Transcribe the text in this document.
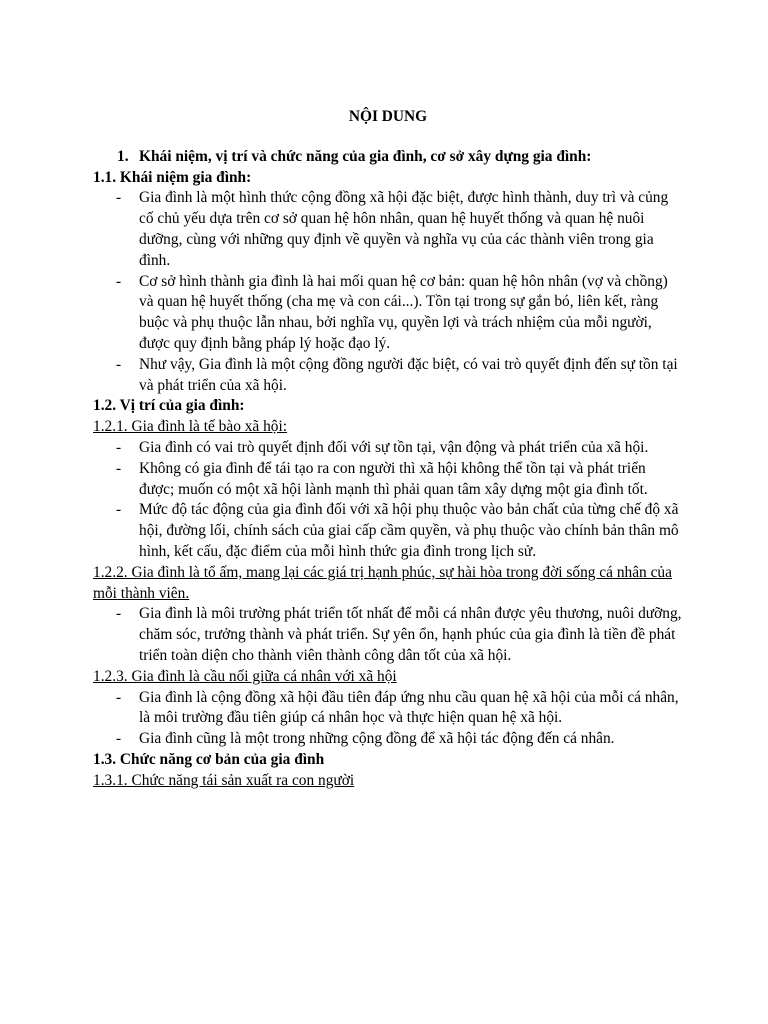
NỘI DUNG

1. Khái niệm, vị trí và chức năng của gia đình, cơ sở xây dựng gia đình:

1.1. Khái niệm gia đình:

- Gia đình là một hình thức cộng đồng xã hội đặc biệt, được hình thành, duy trì và củng cố chủ yếu dựa trên cơ sở quan hệ hôn nhân, quan hệ huyết thống và quan hệ nuôi dưỡng, cùng với những quy định về quyền và nghĩa vụ của các thành viên trong gia đình.
- Cơ sở hình thành gia đình là hai mối quan hệ cơ bản: quan hệ hôn nhân (vợ và chồng) và quan hệ huyết thống (cha mẹ và con cái...). Tồn tại trong sự gắn bó, liên kết, ràng buộc và phụ thuộc lẫn nhau, bởi nghĩa vụ, quyền lợi và trách nhiệm của mỗi người, được quy định bằng pháp lý hoặc đạo lý.
- Như vậy, Gia đình là một cộng đồng người đặc biệt, có vai trò quyết định đến sự tồn tại và phát triển của xã hội.

1.2. Vị trí của gia đình:

1.2.1. Gia đình là tế bào xã hội:

- Gia đình có vai trò quyết định đối với sự tồn tại, vận động và phát triển của xã hội.
- Không có gia đình để tái tạo ra con người thì xã hội không thể tồn tại và phát triển được; muốn có một xã hội lành mạnh thì phải quan tâm xây dựng một gia đình tốt.
- Mức độ tác động của gia đình đối với xã hội phụ thuộc vào bản chất của từng chế độ xã hội, đường lối, chính sách của giai cấp cầm quyền, và phụ thuộc vào chính bản thân mô hình, kết cấu, đặc điểm của mỗi hình thức gia đình trong lịch sử.

1.2.2. Gia đình là tổ ấm, mang lại các giá trị hạnh phúc, sự hài hòa trong đời sống cá nhân của mỗi thành viên.

- Gia đình là môi trường phát triển tốt nhất để mỗi cá nhân được yêu thương, nuôi dưỡng, chăm sóc, trưởng thành và phát triển. Sự yên ổn, hạnh phúc của gia đình là tiền đề phát triển toàn diện cho thành viên thành công dân tốt của xã hội.

1.2.3. Gia đình là cầu nối giữa cá nhân với xã hội

- Gia đình là cộng đồng xã hội đầu tiên đáp ứng nhu cầu quan hệ xã hội của mỗi cá nhân, là môi trường đầu tiên giúp cá nhân học và thực hiện quan hệ xã hội.
- Gia đình cũng là một trong những cộng đồng để xã hội tác động đến cá nhân.

1.3. Chức năng cơ bản của gia đình

1.3.1. Chức năng tái sản xuất ra con người
